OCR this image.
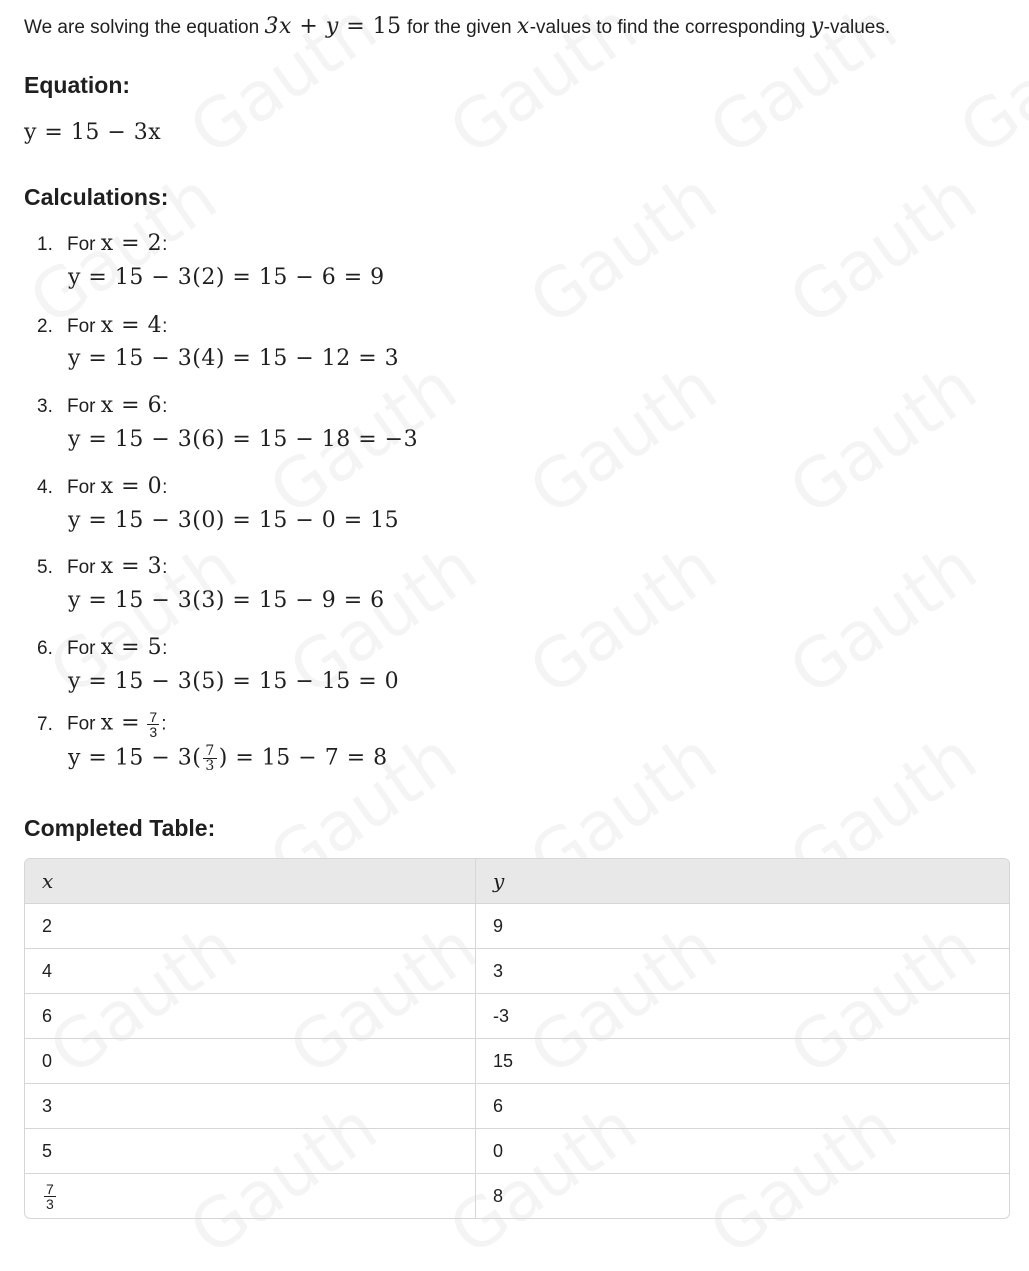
We are solving the equation 3x + y = 15 for the given x-values to find the corresponding y-values.
Equation:
y = 15 − 3x
Calculations:
1. For x = 2:
y = 15 − 3(2) = 15 − 6 = 9
2. For x = 4:
y = 15 − 3(4) = 15 − 12 = 3
3. For x = 6:
y = 15 − 3(6) = 15 − 18 = −3
4. For x = 0:
y = 15 − 3(0) = 15 − 0 = 15
5. For x = 3:
y = 15 − 3(3) = 15 − 9 = 6
6. For x = 5:
y = 15 − 3(5) = 15 − 15 = 0
7. For $x = \frac{7}{3}$ :
$y = 15 - 3( \frac{7}{3}$ ) = 15 − 7 = 8
Completed Table:
x	y
2	9
4	3
6	-3
0	15
3	6
5	0

$\frac{7}{3}$	8
